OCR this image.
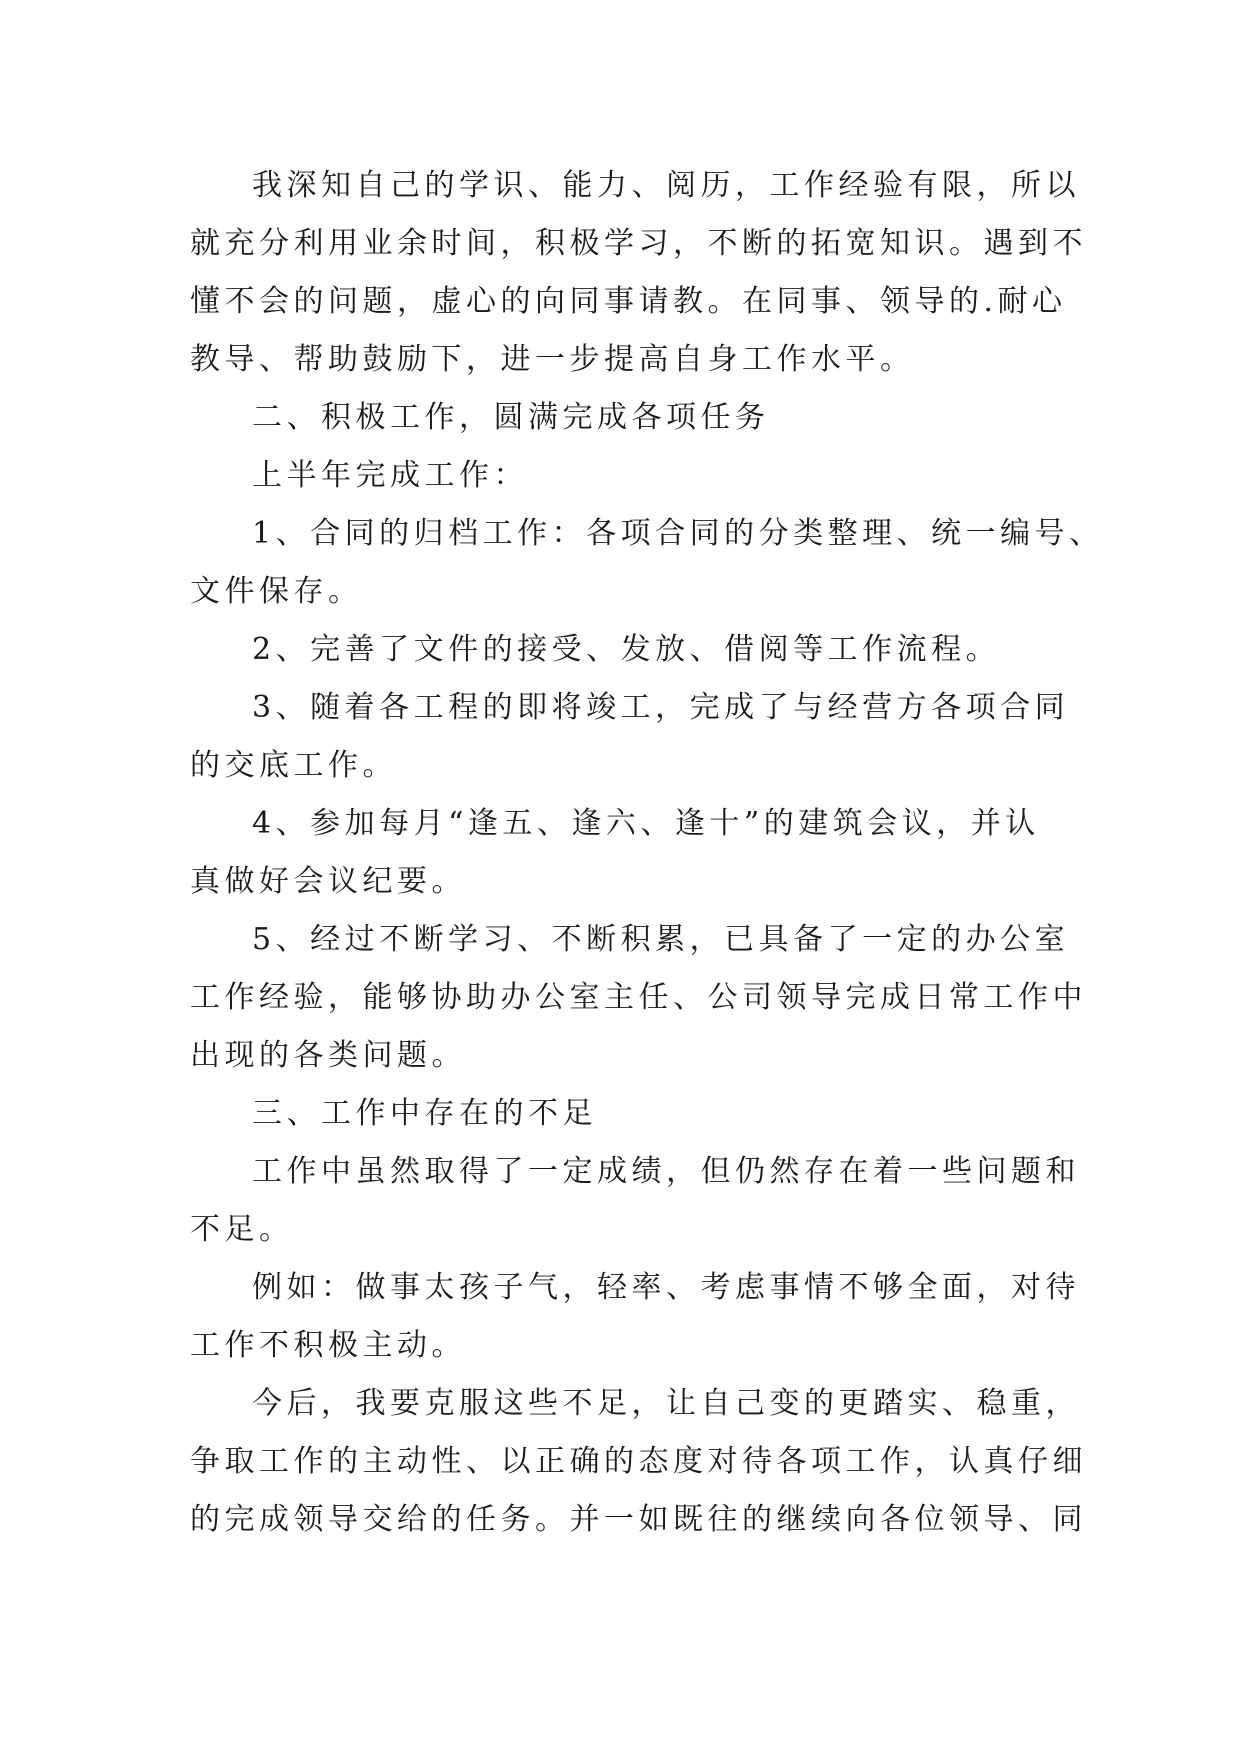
我深知自己的学识、能力、阅历，工作经验有限，所以
就充分利用业余时间，积极学习，不断的拓宽知识。遇到不
懂不会的问题，虚心的向同事请教。在同事、领导的.耐心
教导、帮助鼓励下，进一步提高自身工作水平。
二、积极工作，圆满完成各项任务
上半年完成工作：
1、合同的归档工作：各项合同的分类整理、统一编号、
文件保存。
2、完善了文件的接受、发放、借阅等工作流程。
3、随着各工程的即将竣工，完成了与经营方各项合同
的交底工作。
4、参加每月“逢五、逢六、逢十”的建筑会议，并认
真做好会议纪要。
5、经过不断学习、不断积累，已具备了一定的办公室
工作经验，能够协助办公室主任、公司领导完成日常工作中
出现的各类问题。
三、工作中存在的不足
工作中虽然取得了一定成绩，但仍然存在着一些问题和
不足。
例如：做事太孩子气，轻率、考虑事情不够全面，对待
工作不积极主动。
今后，我要克服这些不足，让自己变的更踏实、稳重，
争取工作的主动性、以正确的态度对待各项工作，认真仔细
的完成领导交给的任务。并一如既往的继续向各位领导、同
